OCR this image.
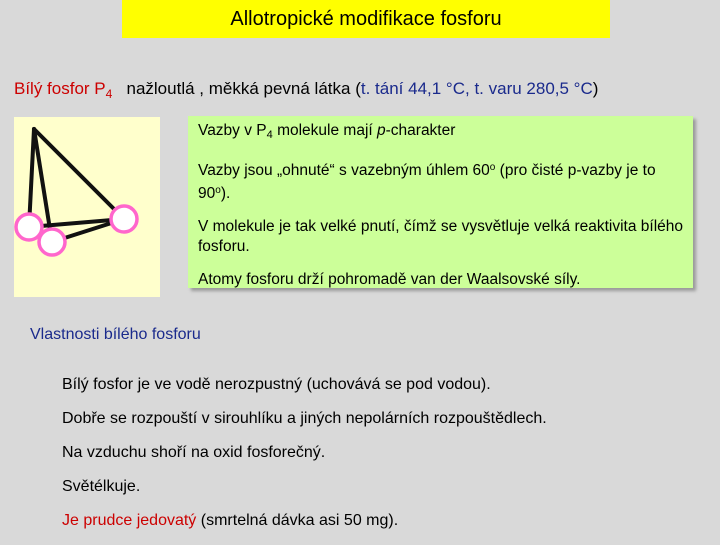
Allotropické modifikace fosforu
Bílý fosfor $P_4$ nažloutlá , měkká pevná látka (t. tání 44,1 °C, t. varu 280,5 °C)

Vazby v P4 molekule mají p-charakter

Vazby jsou „ohnuté“ s vazebným úhlem 60$^o$ (pro čisté p-vazby je to 90$^o$).

V molekule je tak velké pnutí, čímž se vysvětluje velká reaktivita bílého fosforu.

Atomy fosforu drží pohromadě van der Waalsovské síly.

Vlastnosti bílého fosforu

Bílý fosfor je ve vodě nerozpustný (uchovává se pod vodou).

Dobře se rozpouští v sirouhlíku a jiných nepolárních rozpouštědlech.

Na vzduchu shoří na oxid fosforečný.

Světélkuje.

Je prudce jedovatý (smrtelná dávka asi 50 mg).
